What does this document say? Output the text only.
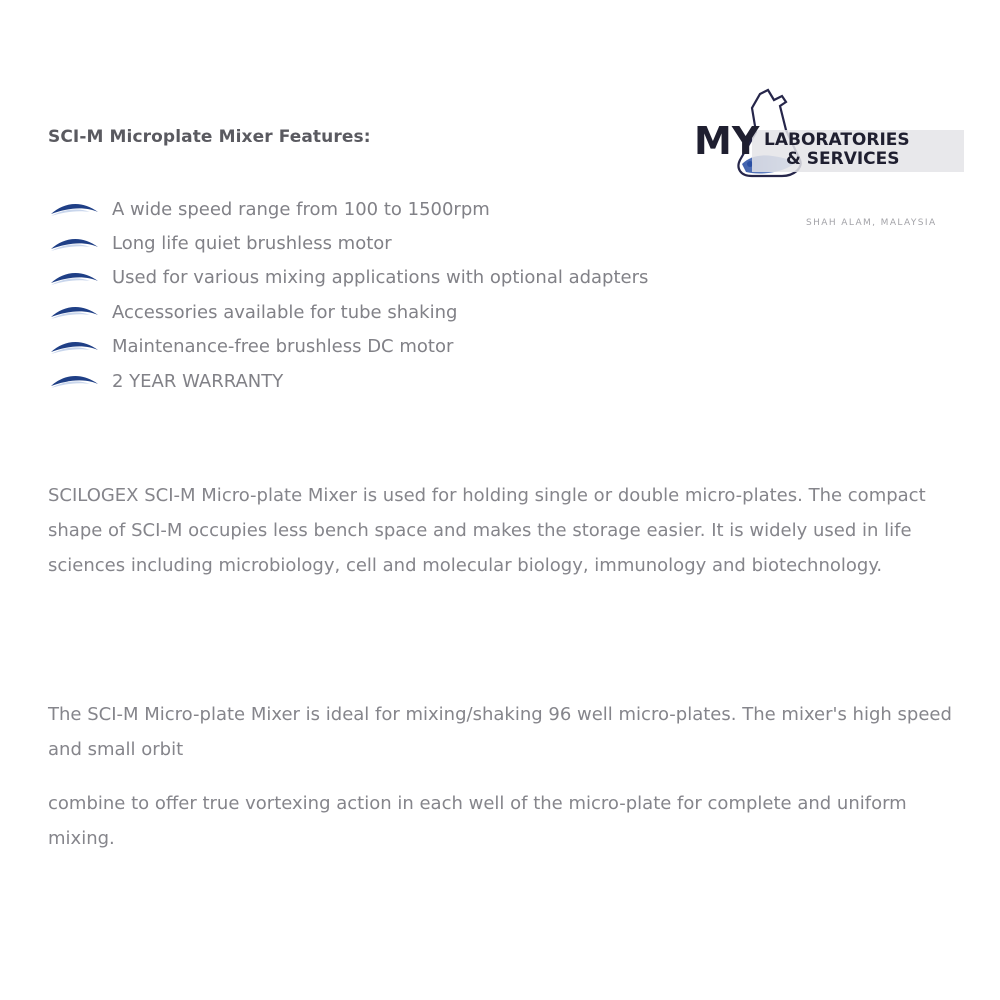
SCI-M Microplate Mixer Features:	MY LABORATORIES
& SERVICES
SHAH ALAM, MALAYSIA
A wide speed range from 100 to 1500rpm
Long life quiet brushless motor
Used for various mixing applications with optional adapters
Accessories available for tube shaking
Maintenance-free brushless DC motor
2 YEAR WARRANTY

SCILOGEX SCI-M Micro-plate Mixer is used for holding single or double micro-plates. The compact shape of SCI-M occupies less bench space and makes the storage easier. It is widely used in life sciences including microbiology, cell and molecular biology, immunology and biotechnology.

The SCI-M Micro-plate Mixer is ideal for mixing/shaking 96 well micro-plates. The mixer's high speed and small orbit

combine to offer true vortexing action in each well of the micro-plate for complete and uniform mixing.
